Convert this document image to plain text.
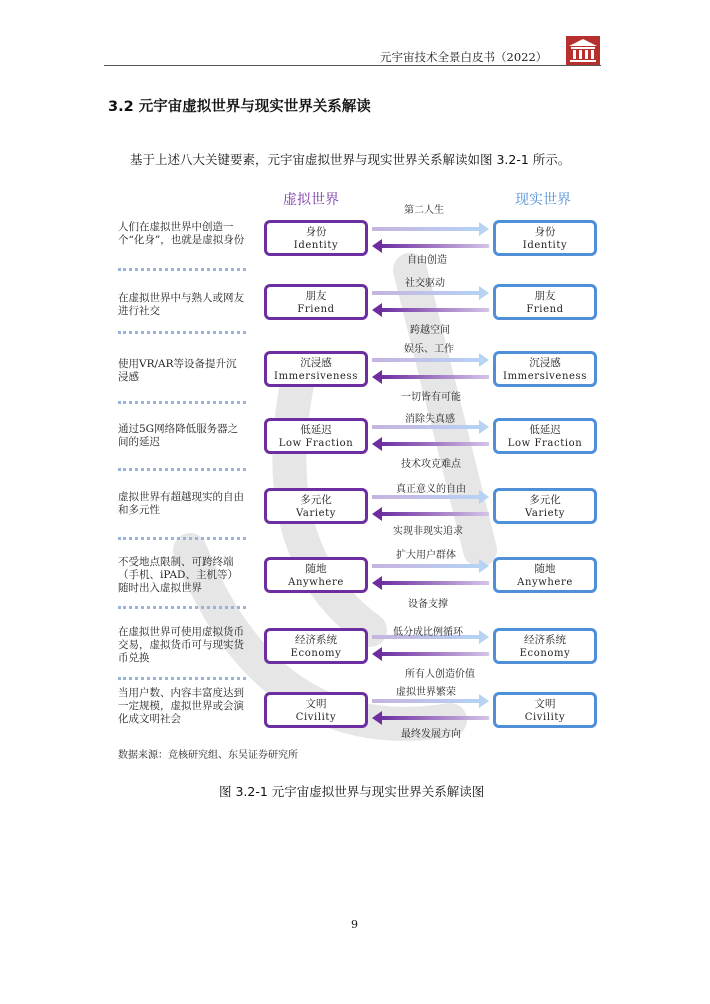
元宇宙技术全景白皮书（2022）
3.2 元宇宙虚拟世界与现实世界关系解读
基于上述八大关键要素，元宇宙虚拟世界与现实世界关系解读如图 3.2-1 所示。
虚拟世界	现实世界
人们在虚拟世界中创造一个“化身”，也就是虚拟身份
身份
Identity
身份
Identity
第二人生
自由创造
在虚拟世界中与熟人或网友进行社交
朋友
Friend
朋友
Friend
社交驱动
跨越空间
使用VR/AR等设备提升沉浸感
沉浸感
Immersiveness
沉浸感
Immersiveness
娱乐、工作
一切皆有可能
通过5G网络降低服务器之间的延迟
低延迟
Low Fraction
低延迟
Low Fraction
消除失真感
技术攻克难点
虚拟世界有超越现实的自由和多元性
多元化
Variety
多元化
Variety
真正意义的自由
实现非现实追求
不受地点限制、可跨终端（手机、iPAD、主机等）随时出入虚拟世界
随地
Anywhere
随地
Anywhere
扩大用户群体
设备支撑
在虚拟世界可使用虚拟货币交易，虚拟货币可与现实货币兑换
经济系统
Economy
经济系统
Economy
低分成比例循环
所有人创造价值
当用户数、内容丰富度达到一定规模，虚拟世界或会演化成文明社会
文明
Civility
文明
Civility
虚拟世界繁荣
最终发展方向
数据来源：竞核研究组、东吴证券研究所
图 3.2-1 元宇宙虚拟世界与现实世界关系解读图
9
